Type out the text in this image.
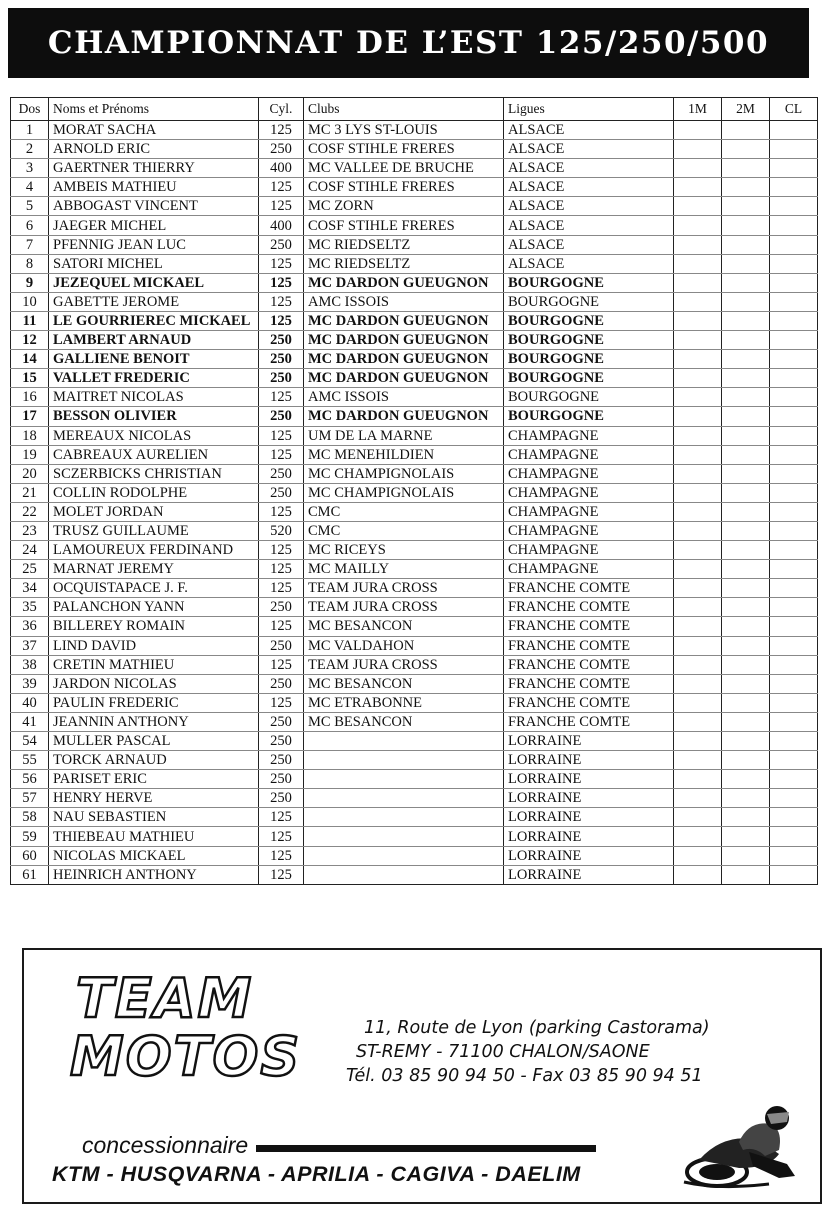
CHAMPIONNAT DE L’EST 125/250/500
Dos	Noms et Prénoms	Cyl.	Clubs	Ligues	1M	2M	CL
1	MORAT SACHA	125	MC 3 LYS ST-LOUIS	ALSACE			
2	ARNOLD ERIC	250	COSF STIHLE FRERES	ALSACE			
3	GAERTNER THIERRY	400	MC VALLEE DE BRUCHE	ALSACE			
4	AMBEIS MATHIEU	125	COSF STIHLE FRERES	ALSACE			
5	ABBOGAST VINCENT	125	MC ZORN	ALSACE			
6	JAEGER MICHEL	400	COSF STIHLE FRERES	ALSACE			
7	PFENNIG JEAN LUC	250	MC RIEDSELTZ	ALSACE			
8	SATORI MICHEL	125	MC RIEDSELTZ	ALSACE			
9	JEZEQUEL MICKAEL	125	MC DARDON GUEUGNON	BOURGOGNE			
10	GABETTE JEROME	125	AMC ISSOIS	BOURGOGNE			
11	LE GOURRIEREC MICKAEL	125	MC DARDON GUEUGNON	BOURGOGNE			
12	LAMBERT ARNAUD	250	MC DARDON GUEUGNON	BOURGOGNE			
14	GALLIENE BENOIT	250	MC DARDON GUEUGNON	BOURGOGNE			
15	VALLET FREDERIC	250	MC DARDON GUEUGNON	BOURGOGNE			
16	MAITRET NICOLAS	125	AMC ISSOIS	BOURGOGNE			
17	BESSON OLIVIER	250	MC DARDON GUEUGNON	BOURGOGNE			
18	MEREAUX NICOLAS	125	UM DE LA MARNE	CHAMPAGNE			
19	CABREAUX AURELIEN	125	MC MENEHILDIEN	CHAMPAGNE			
20	SCZERBICKS CHRISTIAN	250	MC CHAMPIGNOLAIS	CHAMPAGNE			
21	COLLIN RODOLPHE	250	MC CHAMPIGNOLAIS	CHAMPAGNE			
22	MOLET JORDAN	125	CMC	CHAMPAGNE			
23	TRUSZ GUILLAUME	520	CMC	CHAMPAGNE			
24	LAMOUREUX FERDINAND	125	MC RICEYS	CHAMPAGNE			
25	MARNAT JEREMY	125	MC MAILLY	CHAMPAGNE			
34	OCQUISTAPACE J. F.	125	TEAM JURA CROSS	FRANCHE COMTE			
35	PALANCHON YANN	250	TEAM JURA CROSS	FRANCHE COMTE			
36	BILLEREY ROMAIN	125	MC BESANCON	FRANCHE COMTE			
37	LIND DAVID	250	MC VALDAHON	FRANCHE COMTE			
38	CRETIN MATHIEU	125	TEAM JURA CROSS	FRANCHE COMTE			
39	JARDON NICOLAS	250	MC BESANCON	FRANCHE COMTE			
40	PAULIN FREDERIC	125	MC ETRABONNE	FRANCHE COMTE			
41	JEANNIN ANTHONY	250	MC BESANCON	FRANCHE COMTE			
54	MULLER PASCAL	250		LORRAINE			
55	TORCK ARNAUD	250		LORRAINE			
56	PARISET ERIC	250		LORRAINE			
57	HENRY HERVE	250		LORRAINE			
58	NAU SEBASTIEN	125		LORRAINE			
59	THIEBEAU MATHIEU	125		LORRAINE			
60	NICOLAS MICKAEL	125		LORRAINE			
61	HEINRICH ANTHONY	125		LORRAINE			
TEAM
MOTOS	11, Route de Lyon (parking Castorama)
ST-REMY - 71100 CHALON/SAONE
Tél. 03 85 90 94 50 - Fax 03 85 90 94 51
concessionnaire
KTM - HUSQVARNA - APRILIA - CAGIVA - DAELIM
